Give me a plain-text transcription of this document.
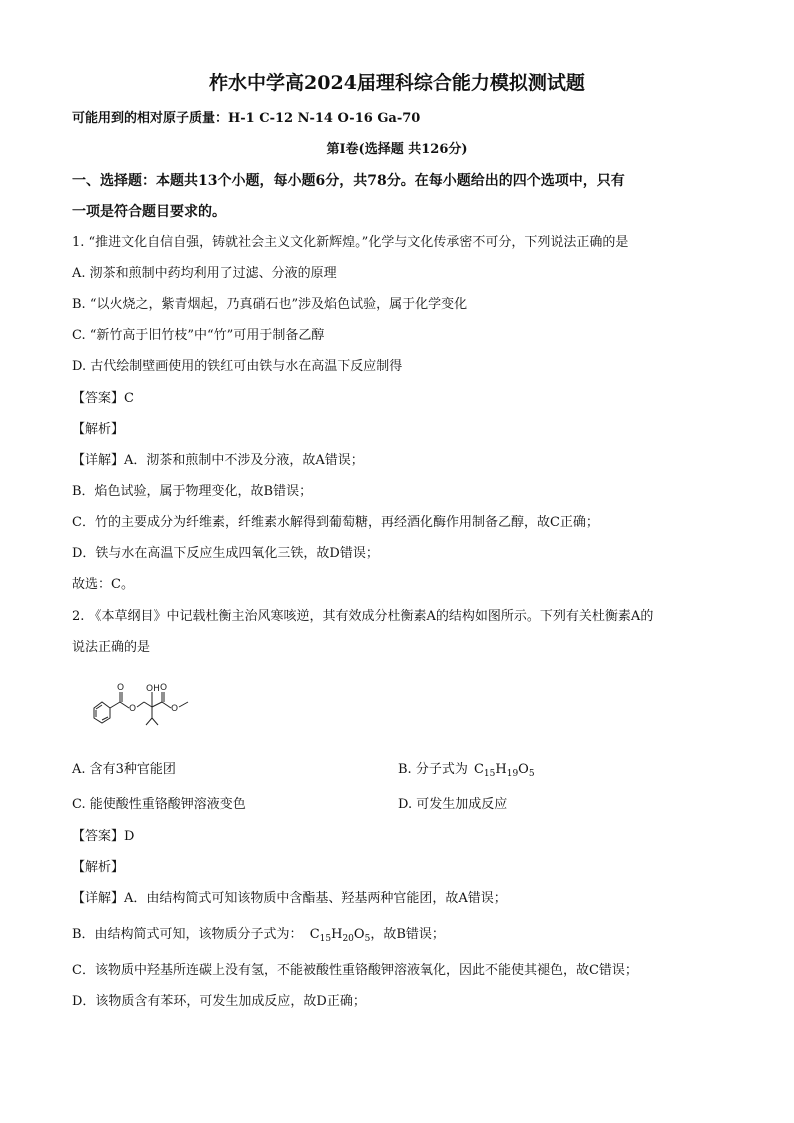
柞水中学高2024届理科综合能力模拟测试题
可能用到的相对原子质量：H-1 C-12 N-14 O-16 Ga-70
第Ⅰ卷(选择题 共126分)
一、选择题：本题共13个小题，每小题6分，共78分。在每小题给出的四个选项中，只有
一项是符合题目要求的。
1. “推进文化自信自强，铸就社会主义文化新辉煌。”化学与文化传承密不可分，下列说法正确的是
A. 沏茶和煎制中药均利用了过滤、分液的原理
B. “以火烧之，紫青烟起，乃真硝石也”涉及焰色试验，属于化学变化
C. “新竹高于旧竹枝”中“竹”可用于制备乙醇
D. 古代绘制壁画使用的铁红可由铁与水在高温下反应制得
【答案】C
【解析】
【详解】A．沏茶和煎制中不涉及分液，故A错误；
B．焰色试验，属于物理变化，故B错误；
C．竹的主要成分为纤维素，纤维素水解得到葡萄糖，再经酒化酶作用制备乙醇，故C正确；
D．铁与水在高温下反应生成四氧化三铁，故D错误；
故选：C。
2. 《本草纲目》中记载杜衡主治风寒咳逆，其有效成分杜衡素A的结构如图所示。下列有关杜衡素A的
说法正确的是
O
O
OH O
O
A. 含有3种官能团	B. 分子式为 $C_{15}H_{19}O_5$
C. 能使酸性重铬酸钾溶液变色	D. 可发生加成反应
【答案】D
【解析】
【详解】A．由结构简式可知该物质中含酯基、羟基两种官能团，故A错误；
B．由结构简式可知，该物质分子式为： $C_{15}H_{20}O_5$，故B错误；
C．该物质中羟基所连碳上没有氢，不能被酸性重铬酸钾溶液氧化，因此不能使其褪色，故C错误；
D．该物质含有苯环，可发生加成反应，故D正确；
